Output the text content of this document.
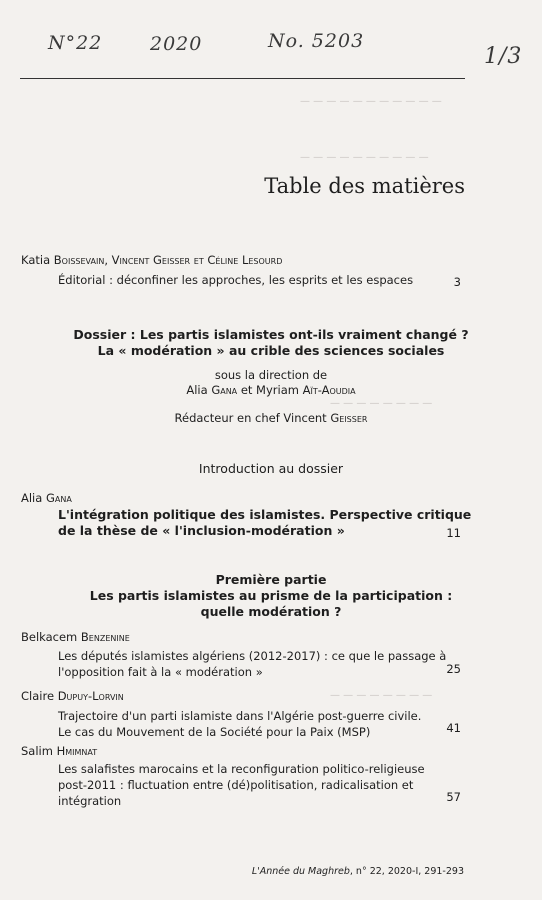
— — — — — — — — — — —
— — — — — — — — — —
— — — — — — — —
— — — — — — — —
N°22	2020	No. 5203
1/3
Table des matières
Katia Boissevain, Vincent Geisser et Céline Lesourd
Éditorial : déconfiner les approches, les esprits et les espaces	3
Dossier : Les partis islamistes ont-ils vraiment changé ?
La « modération » au crible des sciences sociales
sous la direction de
Alia Gana et Myriam Aït-Aoudia
Rédacteur en chef Vincent Geisser
Introduction au dossier
Alia Gana
L'intégration politique des islamistes. Perspective critique
de la thèse de « l'inclusion-modération »	11
Première partie
Les partis islamistes au prisme de la participation :
quelle modération ?
Belkacem Benzenine
Les députés islamistes algériens (2012-2017) : ce que le passage à
l'opposition fait à la « modération »	25
Claire Dupuy-Lorvin
Trajectoire d'un parti islamiste dans l'Algérie post-guerre civile.
Le cas du Mouvement de la Société pour la Paix (MSP)	41
Salim Hmimnat
Les salafistes marocains et la reconfiguration politico-religieuse
post-2011 : fluctuation entre (dé)politisation, radicalisation et
intégration	57
L'Année du Maghreb, n° 22, 2020-I, 291-293
